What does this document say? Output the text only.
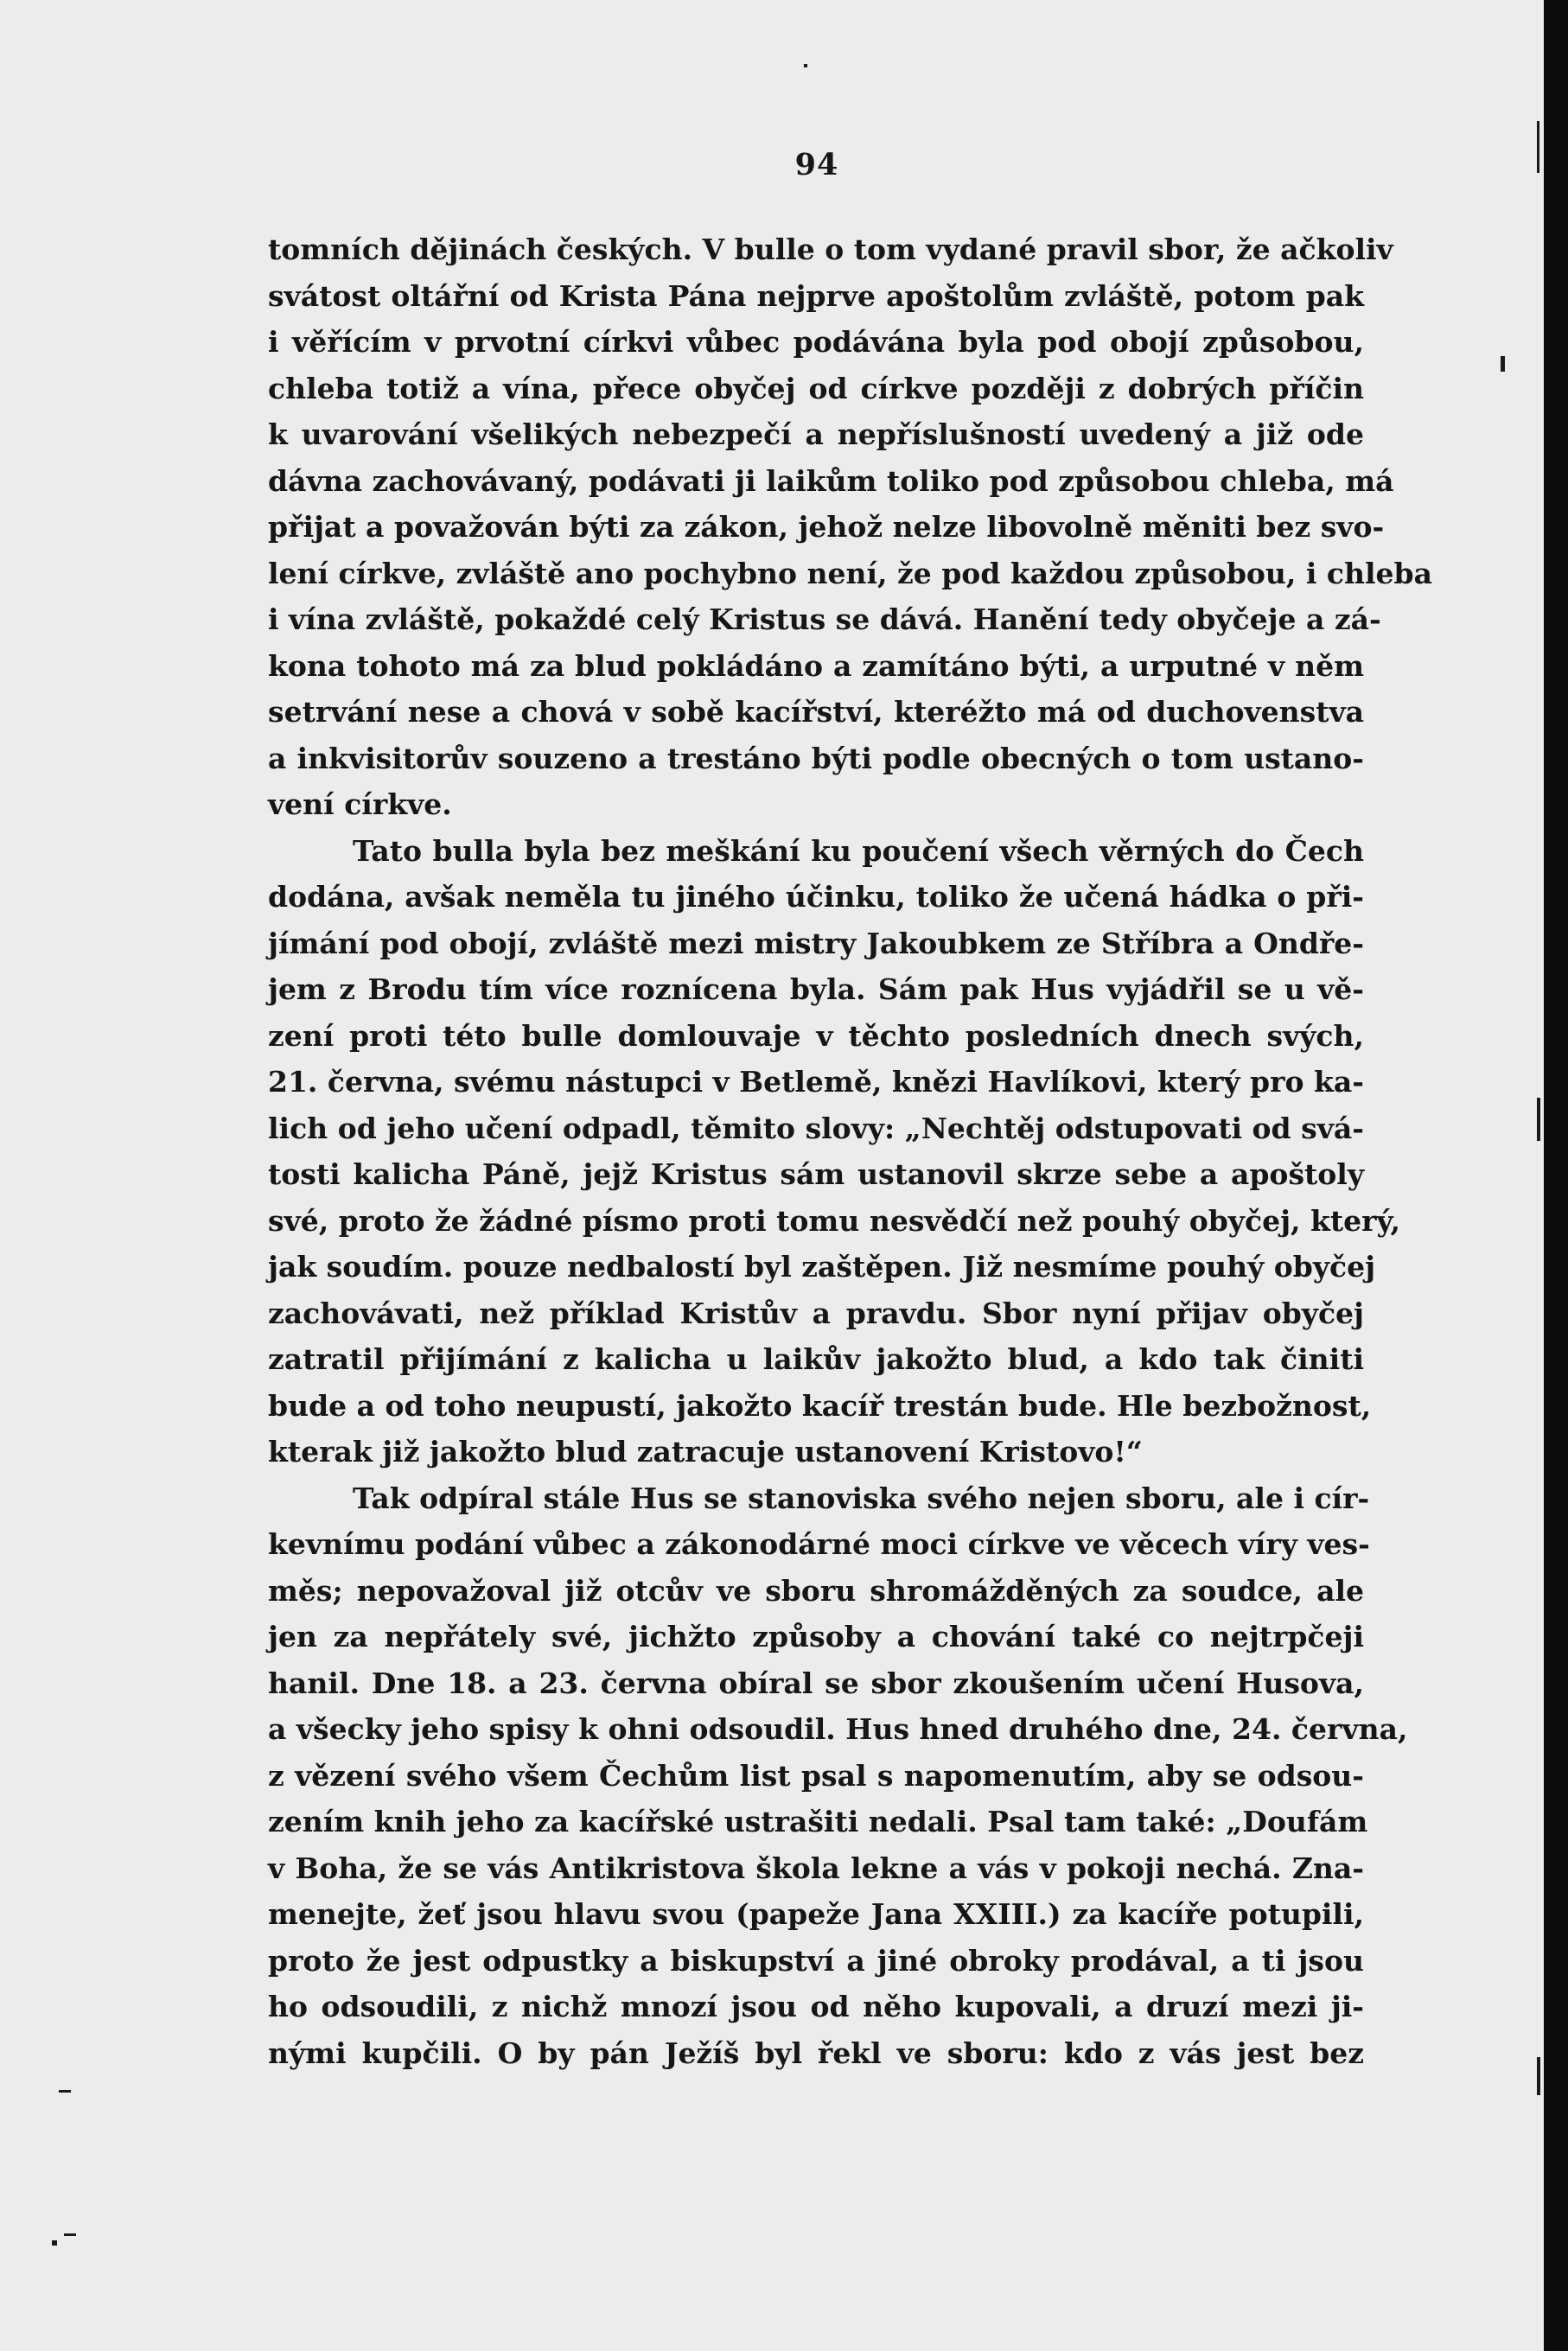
94
tomních dějinách českých. V bulle o tom vydané pravil sbor, že ačkoliv
svátost oltářní od Krista Pána nejprve apoštolům zvláště, potom pak
i věřícím v prvotní církvi vůbec podávána byla pod obojí způsobou,
chleba totiž a vína, přece obyčej od církve později z dobrých příčin
k uvarování všelikých nebezpečí a nepříslušností uvedený a již ode
dávna zachovávaný, podávati ji laikům toliko pod způsobou chleba, má
přijat a považován býti za zákon, jehož nelze libovolně měniti bez svo-
lení církve, zvláště ano pochybno není, že pod každou způsobou, i chleba
i vína zvláště, pokaždé celý Kristus se dává. Hanění tedy obyčeje a zá-
kona tohoto má za blud pokládáno a zamítáno býti, a urputné v něm
setrvání nese a chová v sobě kacířství, kteréžto má od duchovenstva
a inkvisitorův souzeno a trestáno býti podle obecných o tom ustano-
vení církve.
Tato bulla byla bez meškání ku poučení všech věrných do Čech
dodána, avšak neměla tu jiného účinku, toliko že učená hádka o při-
jímání pod obojí, zvláště mezi mistry Jakoubkem ze Stříbra a Ondře-
jem z Brodu tím více roznícena byla. Sám pak Hus vyjádřil se u vě-
zení proti této bulle domlouvaje v těchto posledních dnech svých,
21. června, svému nástupci v Betlemě, knězi Havlíkovi, který pro ka-
lich od jeho učení odpadl, těmito slovy: „Nechtěj odstupovati od svá-
tosti kalicha Páně, jejž Kristus sám ustanovil skrze sebe a apoštoly
své, proto že žádné písmo proti tomu nesvědčí než pouhý obyčej, který,
jak soudím. pouze nedbalostí byl zaštěpen. Již nesmíme pouhý obyčej
zachovávati, než příklad Kristův a pravdu. Sbor nyní přijav obyčej
zatratil přijímání z kalicha u laikův jakožto blud, a kdo tak činiti
bude a od toho neupustí, jakožto kacíř trestán bude. Hle bezbožnost,
kterak již jakožto blud zatracuje ustanovení Kristovo!“
Tak odpíral stále Hus se stanoviska svého nejen sboru, ale i cír-
kevnímu podání vůbec a zákonodárné moci církve ve věcech víry ves-
měs; nepovažoval již otcův ve sboru shromážděných za soudce, ale
jen za nepřátely své, jichžto způsoby a chování také co nejtrpčeji
hanil. Dne 18. a 23. června obíral se sbor zkoušením učení Husova,
a všecky jeho spisy k ohni odsoudil. Hus hned druhého dne, 24. června,
z vězení svého všem Čechům list psal s napomenutím, aby se odsou-
zením knih jeho za kacířské ustrašiti nedali. Psal tam také: „Doufám
v Boha, že se vás Antikristova škola lekne a vás v pokoji nechá. Zna-
menejte, žeť jsou hlavu svou (papeže Jana XXIII.) za kacíře potupili,
proto že jest odpustky a biskupství a jiné obroky prodával, a ti jsou
ho odsoudili, z nichž mnozí jsou od něho kupovali, a druzí mezi ji-
nými kupčili. O by pán Ježíš byl řekl ve sboru: kdo z vás jest bez
